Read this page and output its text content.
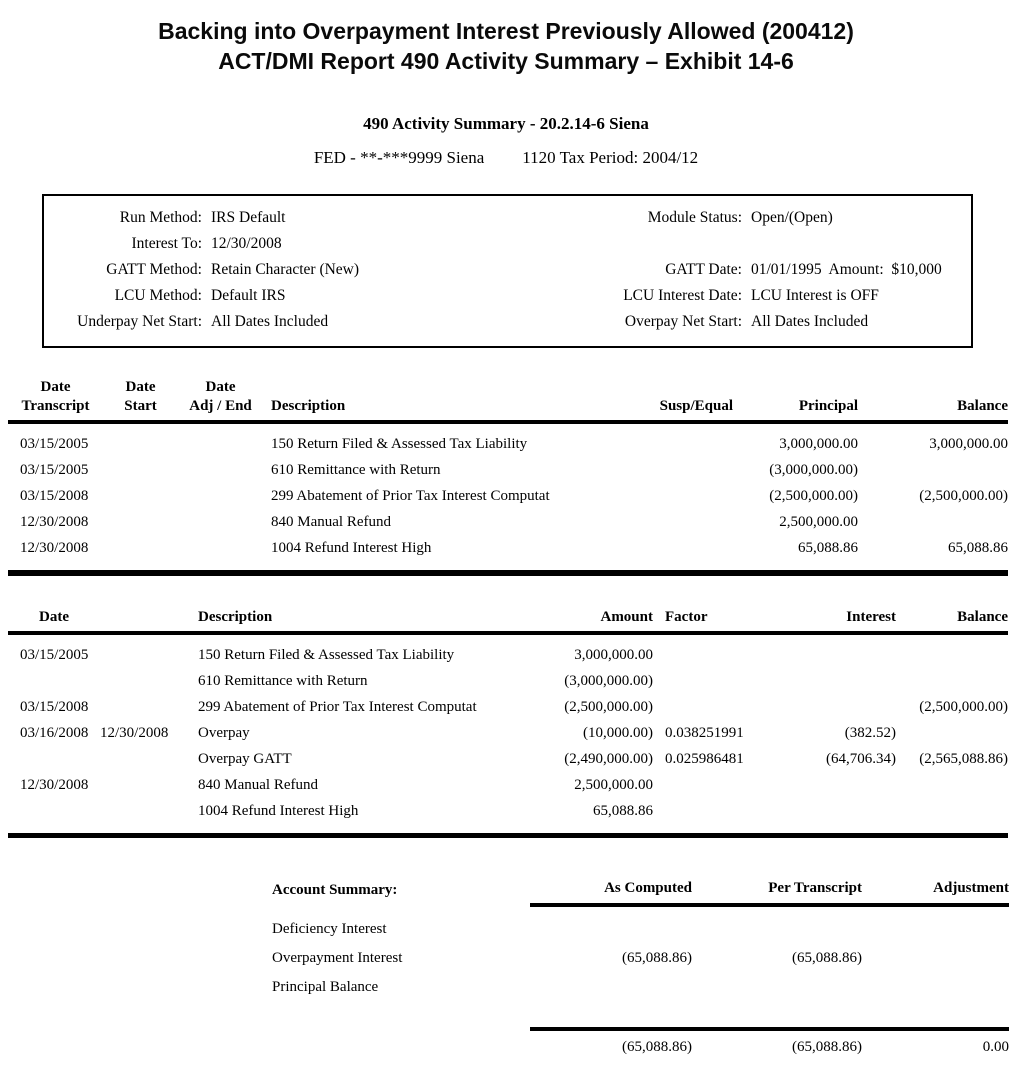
Backing into Overpayment Interest Previously Allowed (200412)
ACT/DMI Report 490 Activity Summary – Exhibit 14-6
490 Activity Summary - 20.2.14-6 Siena
FED - **-***9999 Siena 1120 Tax Period: 2004/12
Run Method: IRS Default
Interest To: 12/30/2008
GATT Method: Retain Character (New)
LCU Method: Default IRS
Underpay Net Start: All Dates Included
Module Status: Open/(Open)
GATT Date: 01/01/1995  Amount:  $10,000
LCU Interest Date: LCU Interest is OFF
Overpay Net Start: All Dates Included
Date
Transcript

Date
Start

Date
Adj / End	Description	Susp/Equal	Principal	Balance
03/15/2005			150 Return Filed & Assessed Tax Liability		3,000,000.00	3,000,000.00
03/15/2005			610 Remittance with Return		(3,000,000.00)	
03/15/2008			299 Abatement of Prior Tax Interest Computat		(2,500,000.00)	(2,500,000.00)
12/30/2008			840 Manual Refund		2,500,000.00	
12/30/2008			1004 Refund Interest High		65,088.86	65,088.86
Date		Description	Amount	Factor	Interest	Balance
03/15/2005		150 Return Filed & Assessed Tax Liability	3,000,000.00			
		610 Remittance with Return	(3,000,000.00)			
03/15/2008		299 Abatement of Prior Tax Interest Computat	(2,500,000.00)			(2,500,000.00)
03/16/2008	12/30/2008	Overpay	(10,000.00)	0.038251991	(382.52)	
		Overpay GATT	(2,490,000.00)	0.025986481	(64,706.34)	(2,565,088.86)
12/30/2008		840 Manual Refund	2,500,000.00			
		1004 Refund Interest High	65,088.86			
Account Summary:	As Computed	Per Transcript	Adjustment
Deficiency Interest			
Overpayment Interest	(65,088.86)	(65,088.86)	
Principal Balance			

	(65,088.86)	(65,088.86)	0.00
